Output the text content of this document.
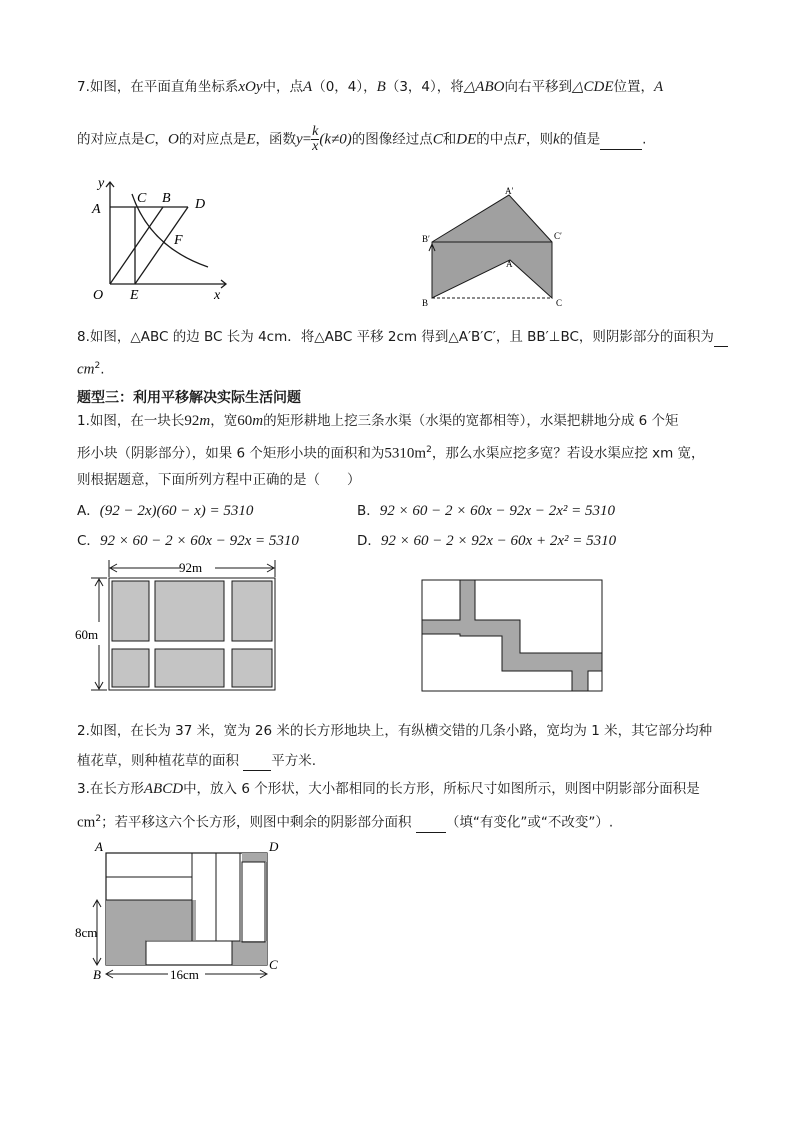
7.如图，在平面直角坐标系xOy中，点A（0，4），B（3，4），将△ABO向右平移到△CDE位置，A
的对应点是C，O的对应点是E，函数$y= \frac{k}{x} (k\ne 0)$的图像经过点C和DE的中点F，则k的值是	.
y
A
C B D
F
O E	x
A′
B′	C′
A
B	C
8.如图，△ABC 的边 BC 长为 4cm．将△ABC 平移 2cm 得到△A′B′C′，且 BB′⊥BC，则阴影部分的面积为
$cm^2$.
题型三：利用平移解决实际生活问题
1.如图，在一块长92m，宽60m的矩形耕地上挖三条水渠（水渠的宽都相等），水渠把耕地分成 6 个矩
形小块（阴影部分），如果 6 个矩形小块的面积和为$5310m^2$，那么水渠应挖多宽？若设水渠应挖 xm 宽，
则根据题意，下面所列方程中正确的是（　　）
A．(92 − 2x)(60 − x) = 5310	B．92 × 60 − 2 × 60x − 92x − 2x² = 5310
C．92 × 60 − 2 × 60x − 92x = 5310	D．92 × 60 − 2 × 92x − 60x + 2x² = 5310
92m
60m
2.如图，在长为 37 米，宽为 26 米的长方形地块上，有纵横交错的几条小路，宽均为 1 米，其它部分均种
植花草，则种植花草的面积 平方米.
3.在长方形ABCD中，放入 6 个形状，大小都相同的长方形，所标尺寸如图所示，则图中阴影部分面积是
$cm^2$；若平移这六个长方形，则图中剩余的阴影部分面积	（填“有变化”或“不改变”）.
A	D
B
C
8cm
16cm
